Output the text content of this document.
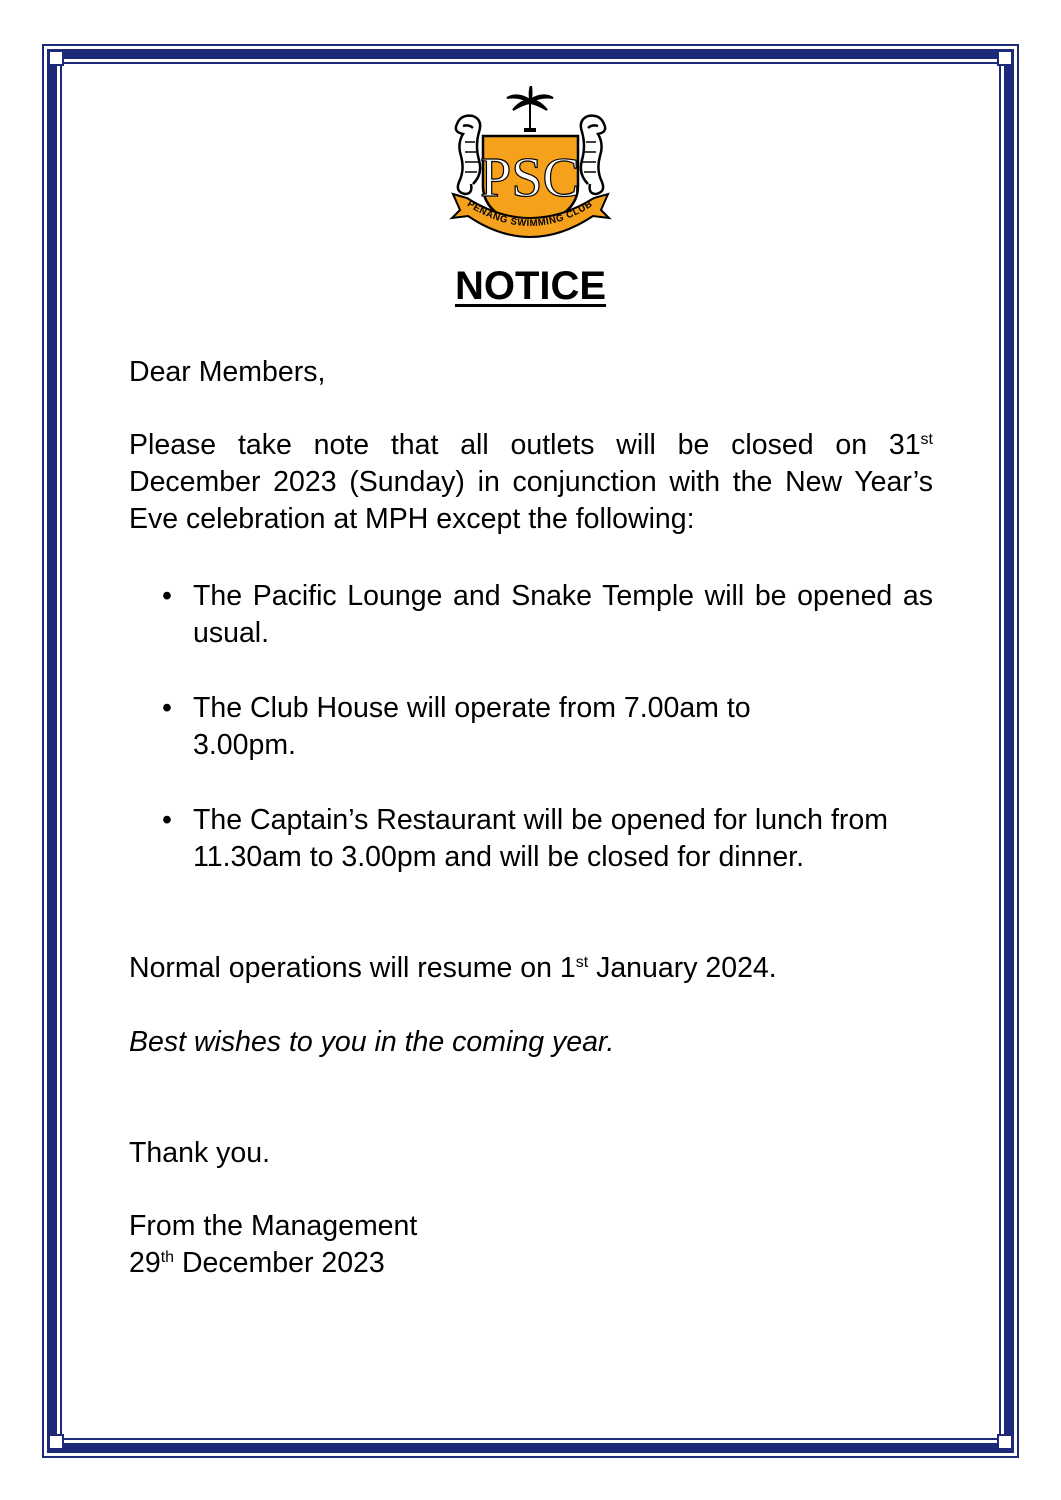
PSC
PENANG SWIMMING CLUB
NOTICE

Dear Members,

Please take note that all outlets will be closed on 31st December 2023 (Sunday) in conjunction with the New Year’s Eve celebration at MPH except the following:

• The Pacific Lounge and Snake Temple will be opened as usual.
• The Club House will operate from 7.00am to 3.00pm.
• The Captain’s Restaurant will be opened for lunch from 11.30am to 3.00pm and will be closed for dinner.

Normal operations will resume on 1st January 2024.

Best wishes to you in the coming year.

Thank you.

From the Management

29th December 2023
